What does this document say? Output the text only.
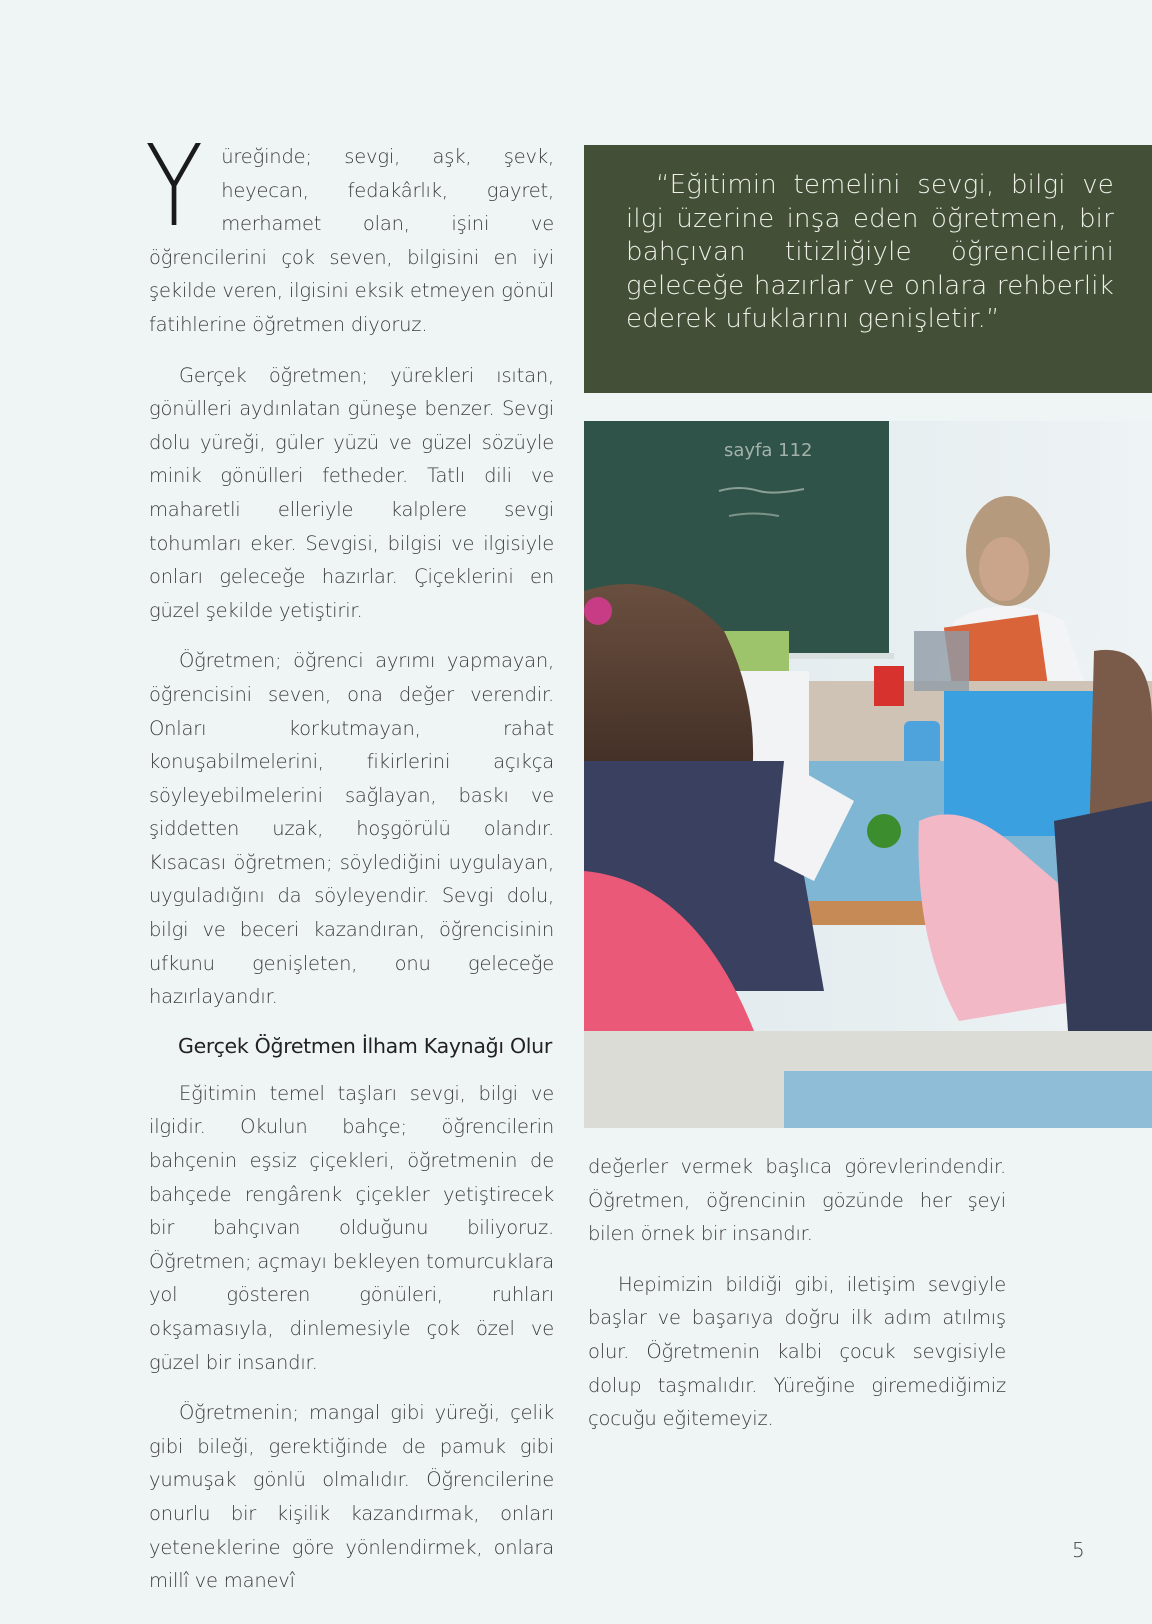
Yüreğinde; sevgi, aşk, şevk, heyecan, fedakârlık, gayret, merhamet olan, işini ve öğrencilerini çok seven, bilgisini en iyi şekilde veren, ilgisini eksik etmeyen gönül fatihlerine öğretmen diyoruz.

Gerçek öğretmen; yürekleri ısıtan, gönülleri aydınlatan güneşe benzer. Sevgi dolu yüreği, güler yüzü ve güzel sözüyle minik gönülleri fetheder. Tatlı dili ve maharetli elleriyle kalplere sevgi tohumları eker. Sevgisi, bilgisi ve ilgisiyle onları geleceğe hazırlar. Çiçeklerini en güzel şekilde yetiştirir.

Öğretmen; öğrenci ayrımı yapmayan, öğrencisini seven, ona değer verendir. Onları korkutmayan, rahat konuşabilmelerini, fikirlerini açıkça söyleyebilmelerini sağlayan, baskı ve şiddetten uzak, hoşgörülü olandır. Kısacası öğretmen; söylediğini uygulayan, uyguladığını da söyleyendir. Sevgi dolu, bilgi ve beceri kazandıran, öğrencisinin ufkunu genişleten, onu geleceğe hazırlayandır.

Gerçek Öğretmen İlham Kaynağı Olur

Eğitimin temel taşları sevgi, bilgi ve ilgidir. Okulun bahçe; öğrencilerin bahçenin eşsiz çiçekleri, öğretmenin de bahçede rengârenk çiçekler yetiştirecek bir bahçıvan olduğunu biliyoruz. Öğretmen; açmayı bekleyen tomurcuklara yol gösteren gönüleri, ruhları okşamasıyla, dinlemesiyle çok özel ve güzel bir insandır.

Öğretmenin; mangal gibi yüreği, çelik gibi bileği, gerektiğinde de pamuk gibi yumuşak gönlü olmalıdır. Öğrencilerine onurlu bir kişilik kazandırmak, onları yeteneklerine göre yönlendirmek, onlara millî ve manevî

“Eğitimin temelini sevgi, bilgi ve ilgi üzerine inşa eden öğretmen, bir bahçıvan titizliğiyle öğrencilerini geleceğe hazırlar ve onlara rehberlik ederek ufuklarını genişletir.”
sayfa 112

değerler vermek başlıca görevlerindendir. Öğretmen, öğrencinin gözünde her şeyi bilen örnek bir insandır.

Hepimizin bildiği gibi, iletişim sevgiyle başlar ve başarıya doğru ilk adım atılmış olur. Öğretmenin kalbi çocuk sevgisiyle dolup taşmalıdır. Yüreğine giremediğimiz çocuğu eğitemeyiz.

5
